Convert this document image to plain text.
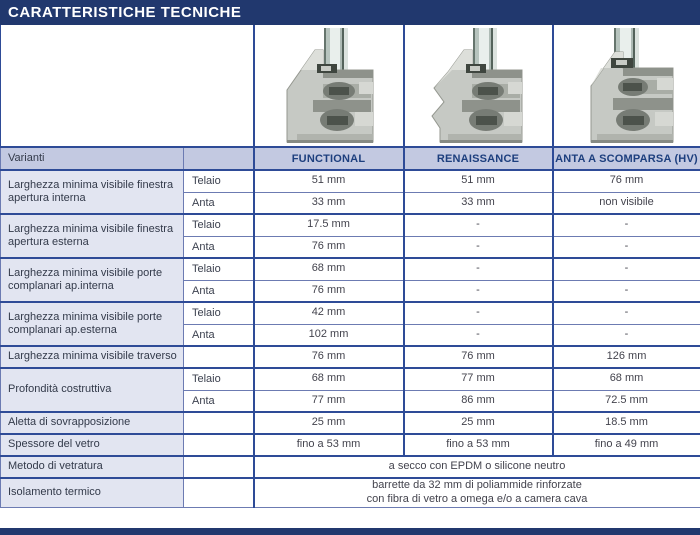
CARATTERISTICHE TECNICHE

Varianti		FUNCTIONAL	RENAISSANCE	ANTA A SCOMPARSA (HV)
Larghezza minima visibile finestra apertura interna	Telaio	51 mm	51 mm	76 mm
	Anta	33 mm	33 mm	non visibile
Larghezza minima visibile finestra apertura esterna	Telaio	17.5 mm	-	-
	Anta	76 mm	-	-
Larghezza minima visibile porte complanari ap.interna	Telaio	68 mm	-	-
	Anta	76 mm	-	-
Larghezza minima visibile porte complanari ap.esterna	Telaio	42 mm	-	-
	Anta	102 mm	-	-
Larghezza minima visibile traverso		76 mm	76 mm	126 mm
Profondità costruttiva	Telaio	68 mm	77 mm	68 mm
	Anta	77 mm	86 mm	72.5 mm
Aletta di sovrapposizione		25 mm	25 mm	18.5 mm
Spessore del vetro		fino a 53 mm	fino a 53 mm	fino a 49 mm
Metodo di vetratura		a secco con EPDM o silicone neutro		

Isolamento termico		barrette da 32 mm di poliammide rinforzate
con fibra di vetro a omega e/o a camera cava		
